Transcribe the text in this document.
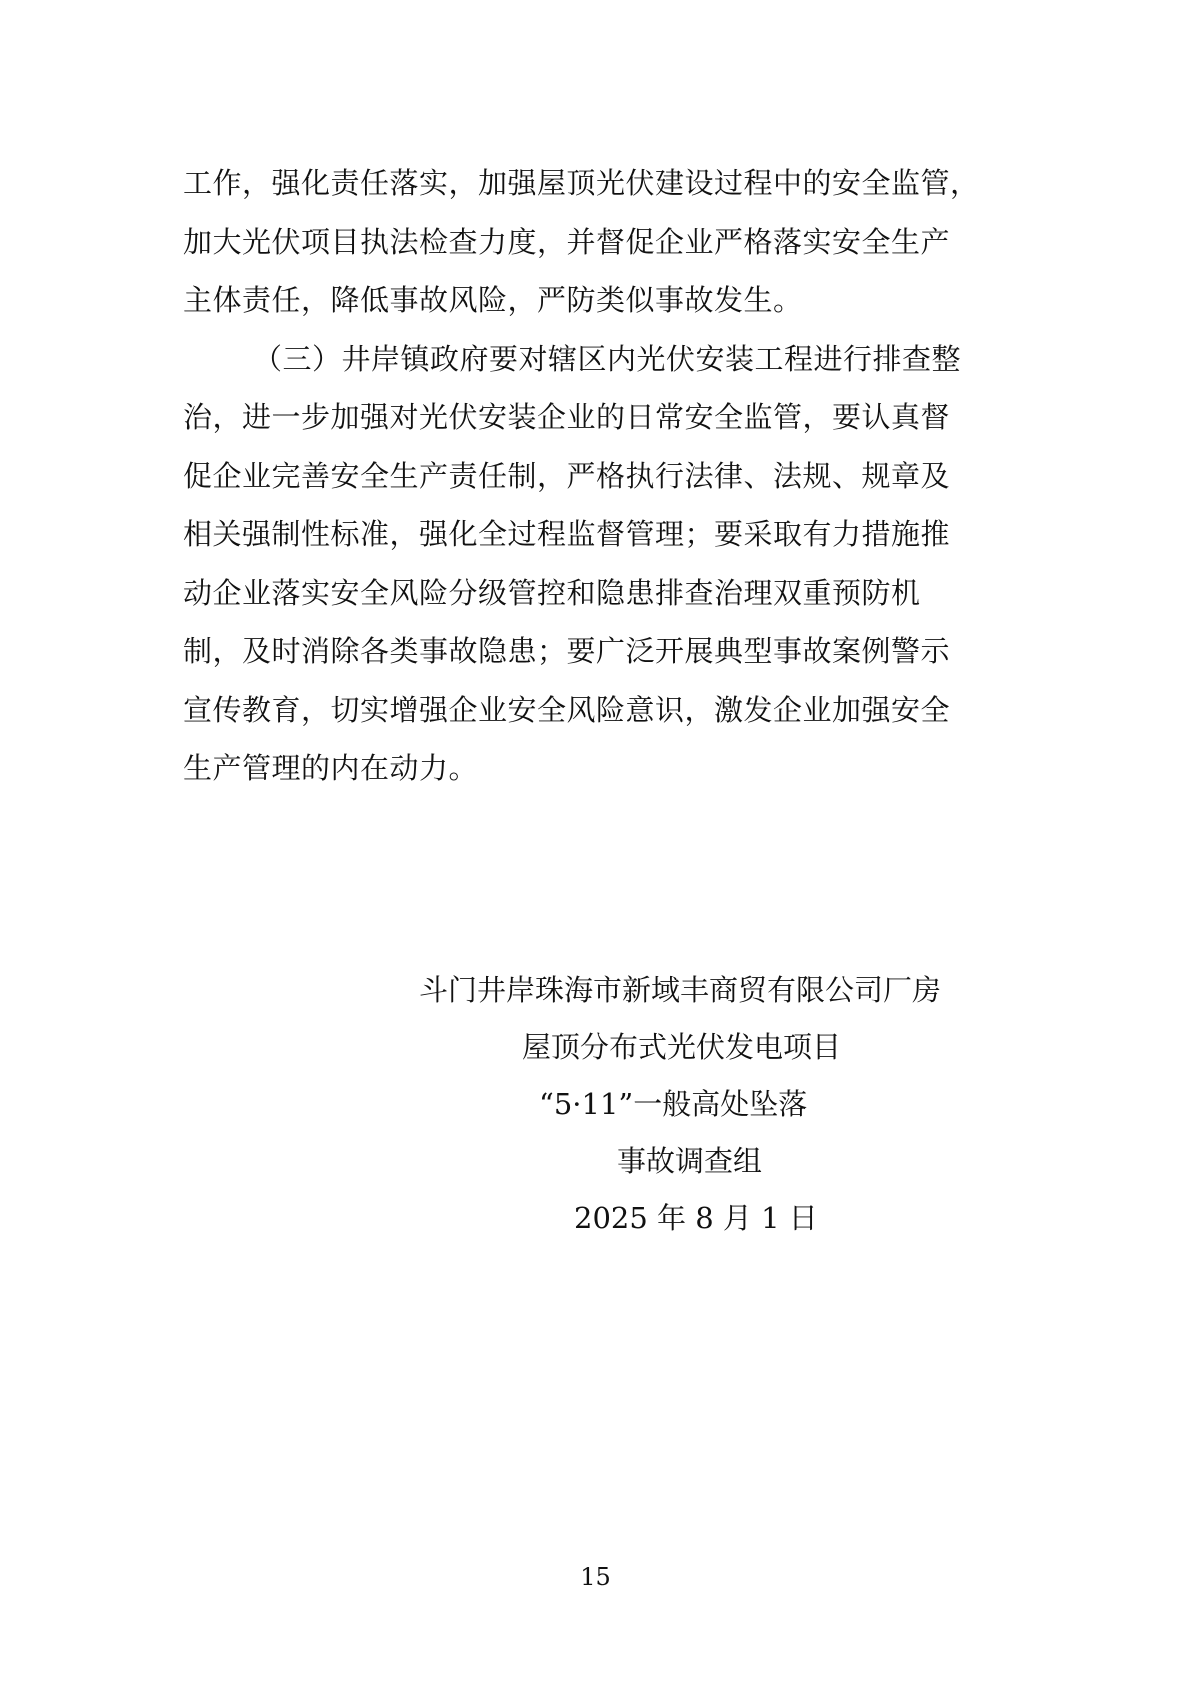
工作，强化责任落实，加强屋顶光伏建设过程中的安全监管，
加大光伏项目执法检查力度，并督促企业严格落实安全生产
主体责任，降低事故风险，严防类似事故发生。
（三）井岸镇政府要对辖区内光伏安装工程进行排查整
治，进一步加强对光伏安装企业的日常安全监管，要认真督
促企业完善安全生产责任制，严格执行法律、法规、规章及
相关强制性标准，强化全过程监督管理；要采取有力措施推
动企业落实安全风险分级管控和隐患排查治理双重预防机
制，及时消除各类事故隐患；要广泛开展典型事故案例警示
宣传教育，切实增强企业安全风险意识，激发企业加强安全
生产管理的内在动力。
斗门井岸珠海市新域丰商贸有限公司厂房
屋顶分布式光伏发电项目
“5·11”一般高处坠落
事故调查组
2025 年 8 月 1 日
15
